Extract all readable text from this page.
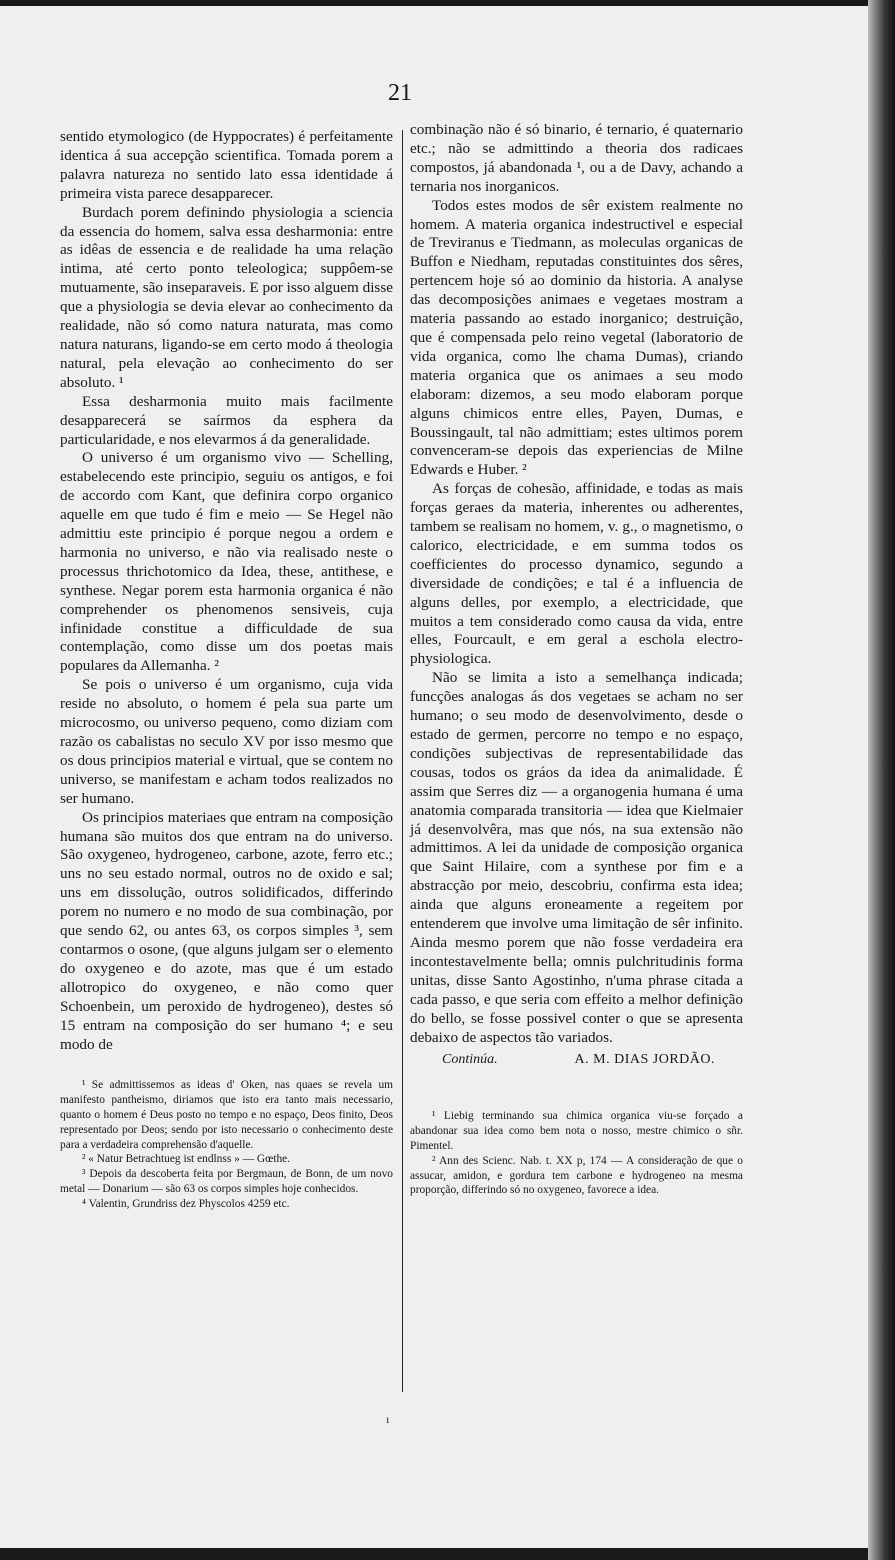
21

sentido etymologico (de Hyppocrates) é perfeitamente identica á sua accepção scientifica. Tomada porem a palavra natureza no sentido lato essa identidade á primeira vista parece desapparecer.

Burdach porem definindo physiologia a sciencia da essencia do homem, salva essa desharmonia: entre as idêas de essencia e de realidade ha uma relação intima, até certo ponto teleologica; suppôem-se mutuamente, são inseparaveis. E por isso alguem disse que a physiologia se devia elevar ao conhecimento da realidade, não só como natura naturata, mas como natura naturans, ligando-se em certo modo á theologia natural, pela elevação ao conhecimento do ser absoluto. ¹

Essa desharmonia muito mais facilmente desapparecerá se saírmos da esphera da particularidade, e nos elevarmos á da generalidade.

O universo é um organismo vivo — Schelling, estabelecendo este principio, seguiu os antigos, e foi de accordo com Kant, que definira corpo organico aquelle em que tudo é fim e meio — Se Hegel não admittiu este principio é porque negou a ordem e harmonia no universo, e não via realisado neste o processus thrichotomico da Idea, these, antithese, e synthese. Negar porem esta harmonia organica é não comprehender os phenomenos sensiveis, cuja infinidade constitue a difficuldade de sua contemplação, como disse um dos poetas mais populares da Allemanha. ²

Se pois o universo é um organismo, cuja vida reside no absoluto, o homem é pela sua parte um microcosmo, ou universo pequeno, como diziam com razão os cabalistas no seculo XV por isso mesmo que os dous principios material e virtual, que se contem no universo, se manifestam e acham todos realizados no ser humano.

Os principios materiaes que entram na composição humana são muitos dos que entram na do universo. São oxygeneo, hydrogeneo, carbone, azote, ferro etc.; uns no seu estado normal, outros no de oxido e sal; uns em dissolução, outros solidificados, differindo porem no numero e no modo de sua combinação, por que sendo 62, ou antes 63, os corpos simples ³, sem contarmos o osone, (que alguns julgam ser o elemento do oxygeneo e do azote, mas que é um estado allotropico do oxygeneo, e não como quer Schoenbein, um peroxido de hydrogeneo), destes só 15 entram na composição do ser humano ⁴; e seu modo de

¹ Se admittissemos as ideas d' Oken, nas quaes se revela um manifesto pantheismo, diriamos que isto era tanto mais necessario, quanto o homem é Deus posto no tempo e no espaço, Deos finito, Deos representado por Deos; sendo por isto necessario o conhecimento deste para a verdadeira comprehensão d'aquelle.

² « Natur Betrachtueg ist endlnss » — Gœthe.

³ Depois da descoberta feita por Bergmaun, de Bonn, de um novo metal — Donarium — são 63 os corpos simples hoje conhecidos.

⁴ Valentin, Grundriss dez Physcolos 4259 etc.

combinação não é só binario, é ternario, é quaternario etc.; não se admittindo a theoria dos radicaes compostos, já abandonada ¹, ou a de Davy, achando a ternaria nos inorganicos.

Todos estes modos de sêr existem realmente no homem. A materia organica indestructivel e especial de Treviranus e Tiedmann, as moleculas organicas de Buffon e Niedham, reputadas constituintes dos sêres, pertencem hoje só ao dominio da historia. A analyse das decomposições animaes e vegetaes mostram a materia passando ao estado inorganico; destruição, que é compensada pelo reino vegetal (laboratorio de vida organica, como lhe chama Dumas), criando materia organica que os animaes a seu modo elaboram: dizemos, a seu modo elaboram porque alguns chimicos entre elles, Payen, Dumas, e Boussingault, tal não admittiam; estes ultimos porem convenceram-se depois das experiencias de Milne Edwards e Huber. ²

As forças de cohesão, affinidade, e todas as mais forças geraes da materia, inherentes ou adherentes, tambem se realisam no homem, v. g., o magnetismo, o calorico, electricidade, e em summa todos os coefficientes do processo dynamico, segundo a diversidade de condições; e tal é a influencia de alguns delles, por exemplo, a electricidade, que muitos a tem considerado como causa da vida, entre elles, Fourcault, e em geral a eschola electro-physiologica.

Não se limita a isto a semelhança indicada; funcções analogas ás dos vegetaes se acham no ser humano; o seu modo de desenvolvimento, desde o estado de germen, percorre no tempo e no espaço, condições subjectivas de representabilidade das cousas, todos os gráos da idea da animalidade. É assim que Serres diz — a organogenia humana é uma anatomia comparada transitoria — idea que Kielmaier já desenvolvêra, mas que nós, na sua extensão não admittimos. A lei da unidade de composição organica que Saint Hilaire, com a synthese por fim e a abstracção por meio, descobriu, confirma esta idea; ainda que alguns eroneamente a regeitem por entenderem que involve uma limitação de sêr infinito. Ainda mesmo porem que não fosse verdadeira era incontestavelmente bella; omnis pulchritudinis forma unitas, disse Santo Agostinho, n'uma phrase citada a cada passo, e que seria com effeito a melhor definição do bello, se fosse possivel conter o que se apresenta debaixo de aspectos tão variados.

Continúa.	A. M. DIAS JORDÃO.

¹ Liebig terminando sua chimica organica viu-se forçado a abandonar sua idea como bem nota o nosso, mestre chimico o sñr. Pimentel.

² Ann des Scienc. Nab. t. XX p, 174 — A consideração de que o assucar, amidon, e gordura tem carbone e hydrogeneo na mesma proporção, differindo só no oxygeneo, favorece a idea.

ı
